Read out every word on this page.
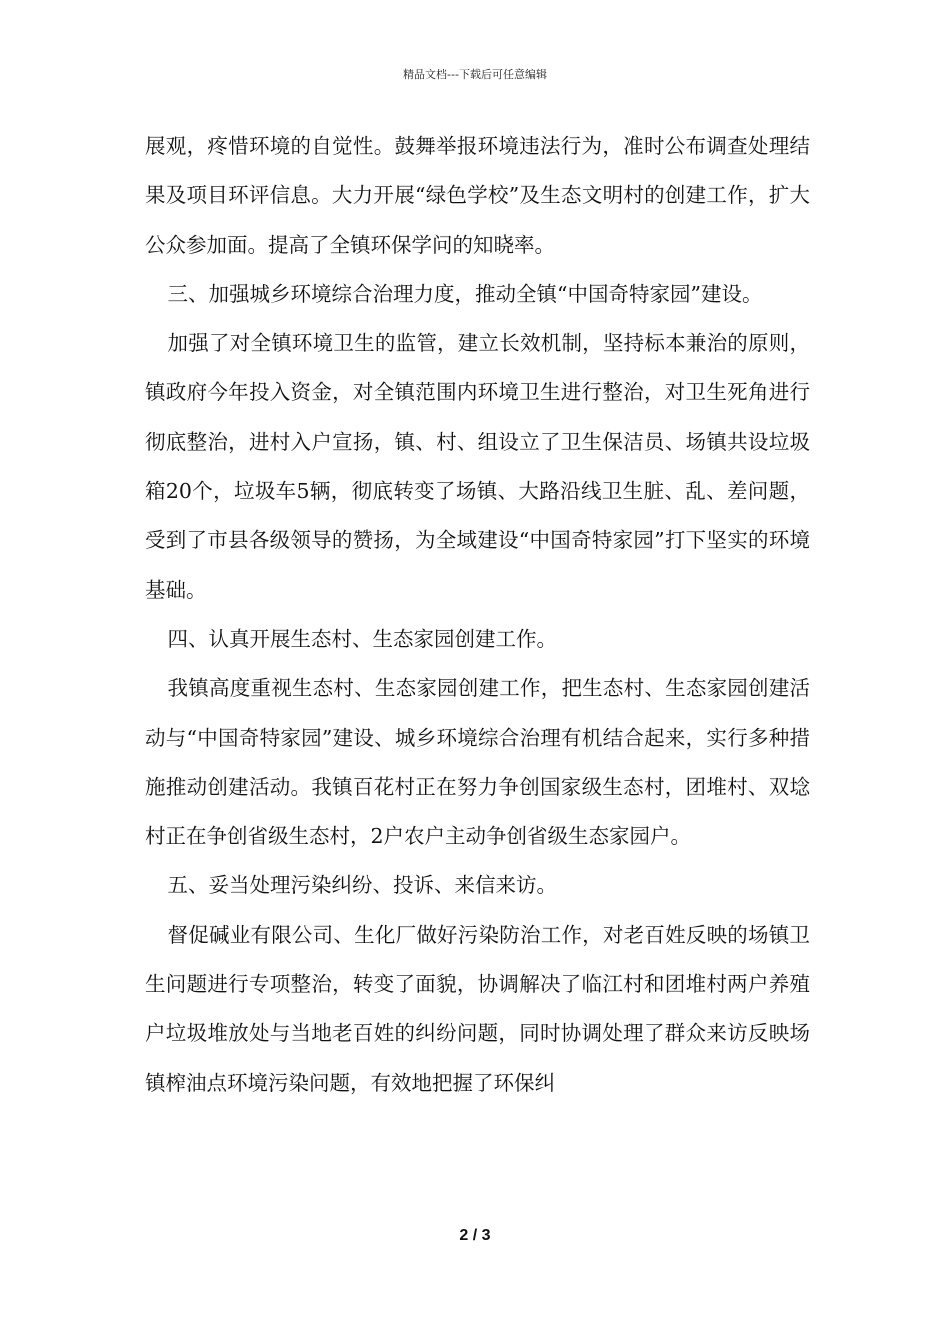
精品文档---下载后可任意编辑

展观，疼惜环境的自觉性。鼓舞举报环境违法行为，准时公布调查处理结果及项目环评信息。大力开展“绿色学校”及生态文明村的创建工作，扩大公众参加面。提高了全镇环保学问的知晓率。

三、加强城乡环境综合治理力度，推动全镇“中国奇特家园”建设。

加强了对全镇环境卫生的监管，建立长效机制，坚持标本兼治的原则，镇政府今年投入资金，对全镇范围内环境卫生进行整治，对卫生死角进行彻底整治，进村入户宣扬，镇、村、组设立了卫生保洁员、场镇共设垃圾箱20个，垃圾车5辆，彻底转变了场镇、大路沿线卫生脏、乱、差问题，受到了市县各级领导的赞扬，为全域建设“中国奇特家园”打下坚实的环境基础。

四、认真开展生态村、生态家园创建工作。

我镇高度重视生态村、生态家园创建工作，把生态村、生态家园创建活动与“中国奇特家园”建设、城乡环境综合治理有机结合起来，实行多种措施推动创建活动。我镇百花村正在努力争创国家级生态村，团堆村、双埝村正在争创省级生态村，2户农户主动争创省级生态家园户。

五、妥当处理污染纠纷、投诉、来信来访。

督促碱业有限公司、生化厂做好污染防治工作，对老百姓反映的场镇卫生问题进行专项整治，转变了面貌，协调解决了临江村和团堆村两户养殖户垃圾堆放处与当地老百姓的纠纷问题，同时协调处理了群众来访反映场镇榨油点环境污染问题，有效地把握了环保纠

2 / 3
